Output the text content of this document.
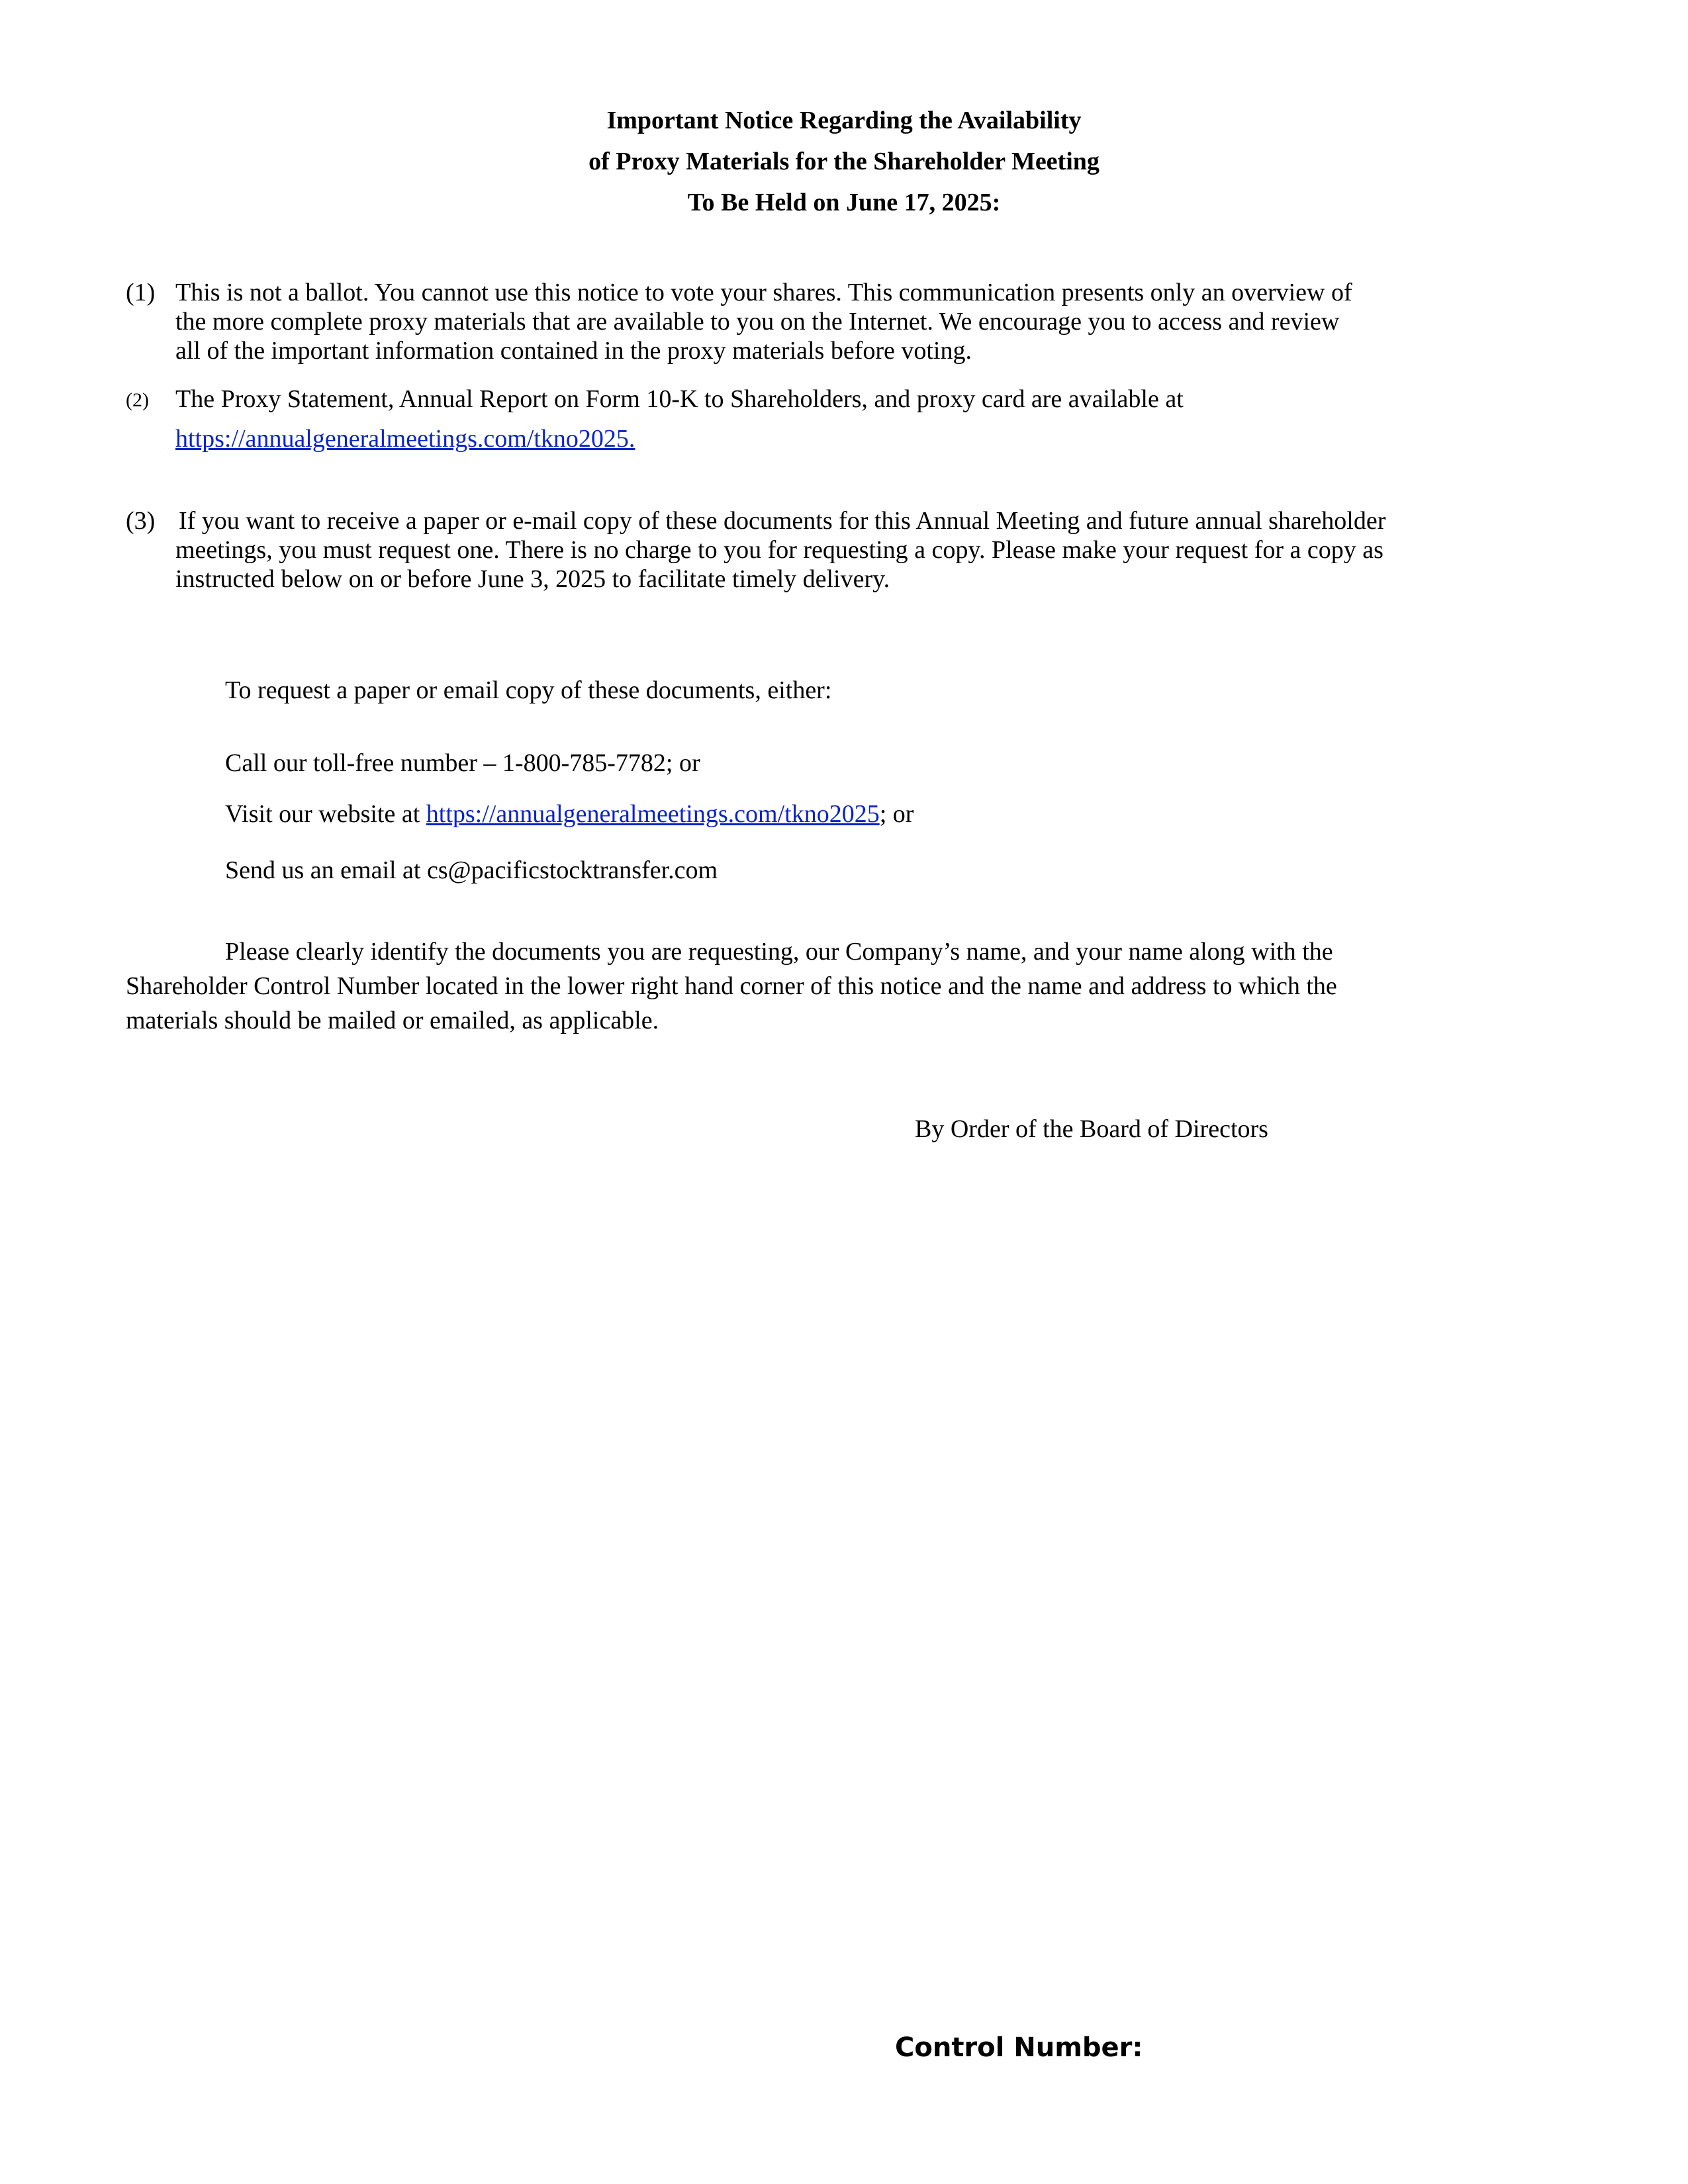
Important Notice Regarding the Availability
of Proxy Materials for the Shareholder Meeting
To Be Held on June 17, 2025:
(1) This is not a ballot. You cannot use this notice to vote your shares. This communication presents only an overview of
the more complete proxy materials that are available to you on the Internet. We encourage you to access and review
all of the important information contained in the proxy materials before voting.
(2) The Proxy Statement, Annual Report on Form 10-K to Shareholders, and proxy card are available at
https://annualgeneralmeetings.com/tkno2025.
(3) If you want to receive a paper or e-mail copy of these documents for this Annual Meeting and future annual shareholder
meetings, you must request one. There is no charge to you for requesting a copy. Please make your request for a copy as
instructed below on or before June 3, 2025 to facilitate timely delivery.
To request a paper or email copy of these documents, either:
Call our toll-free number – 1-800-785-7782; or
Visit our website at https://annualgeneralmeetings.com/tkno2025; or
Send us an email at cs@pacificstocktransfer.com
Please clearly identify the documents you are requesting, our Company’s name, and your name along with the
Shareholder Control Number located in the lower right hand corner of this notice and the name and address to which the
materials should be mailed or emailed, as applicable.
By Order of the Board of Directors
Control Number:
